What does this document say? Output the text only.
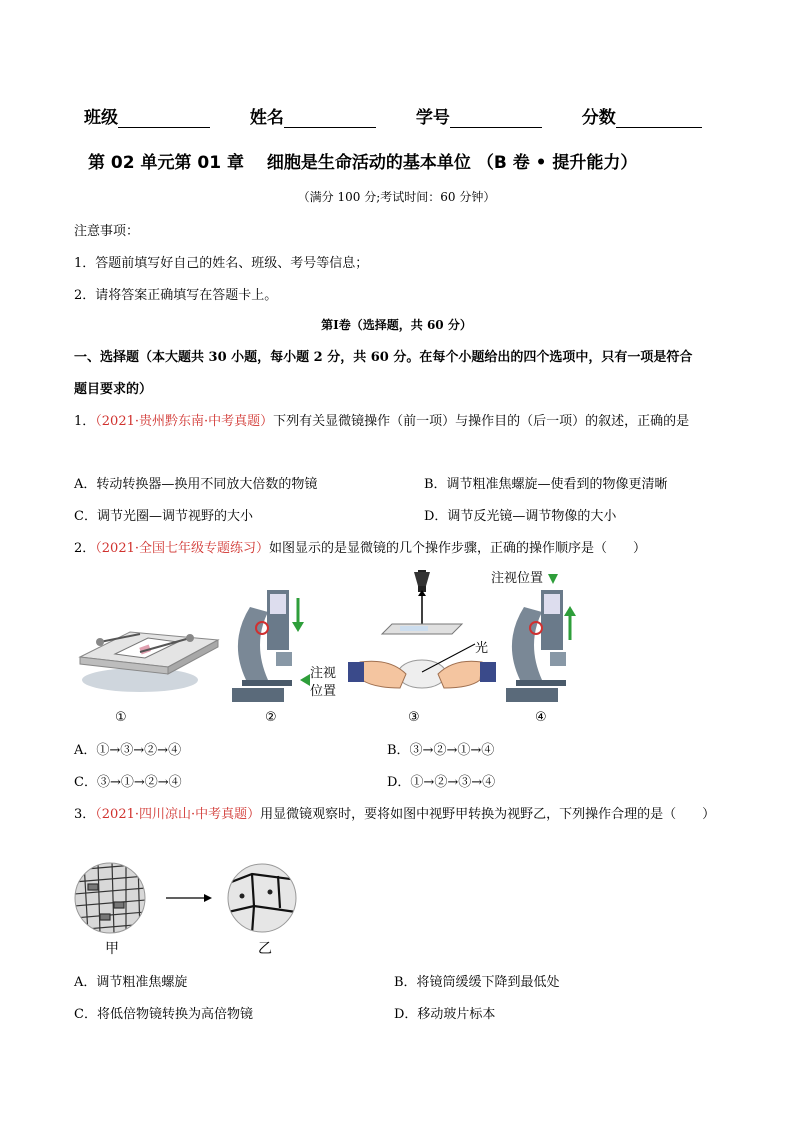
班级	姓名	学号	分数
第 02 单元第 01 章　 细胞是生命活动的基本单位 （B 卷 • 提升能力）
（满分 100 分;考试时间：60 分钟）
注意事项：
1．答题前填写好自己的姓名、班级、考号等信息；
2．请将答案正确填写在答题卡上。
第Ⅰ卷（选择题，共 60 分）
一、选择题（本大题共 30 小题，每小题 2 分，共 60 分。在每个小题给出的四个选项中，只有一项是符合
题目要求的）
1．（2021·贵州黔东南·中考真题）下列有关显微镜操作（前一项）与操作目的（后一项）的叙述，正确的是
A．转动转换器—换用不同放大倍数的物镜	B．调节粗准焦螺旋—使看到的物像更清晰
C．调节光圈—调节视野的大小	D．调节反光镜—调节物像的大小
2．（2021·全国七年级专题练习）如图显示的是显微镜的几个操作步骤，正确的操作顺序是（　　）
注视位置
注视
位置
光
①	②	③	④
A．①→③→②→④	B．③→②→①→④
C．③→①→②→④	D．①→②→③→④
3．（2021·四川凉山·中考真题）用显微镜观察时，要将如图中视野甲转换为视野乙，下列操作合理的是（　　）
甲	乙
A．调节粗准焦螺旋	B．将镜筒缓缓下降到最低处
C．将低倍物镜转换为高倍物镜	D．移动玻片标本
